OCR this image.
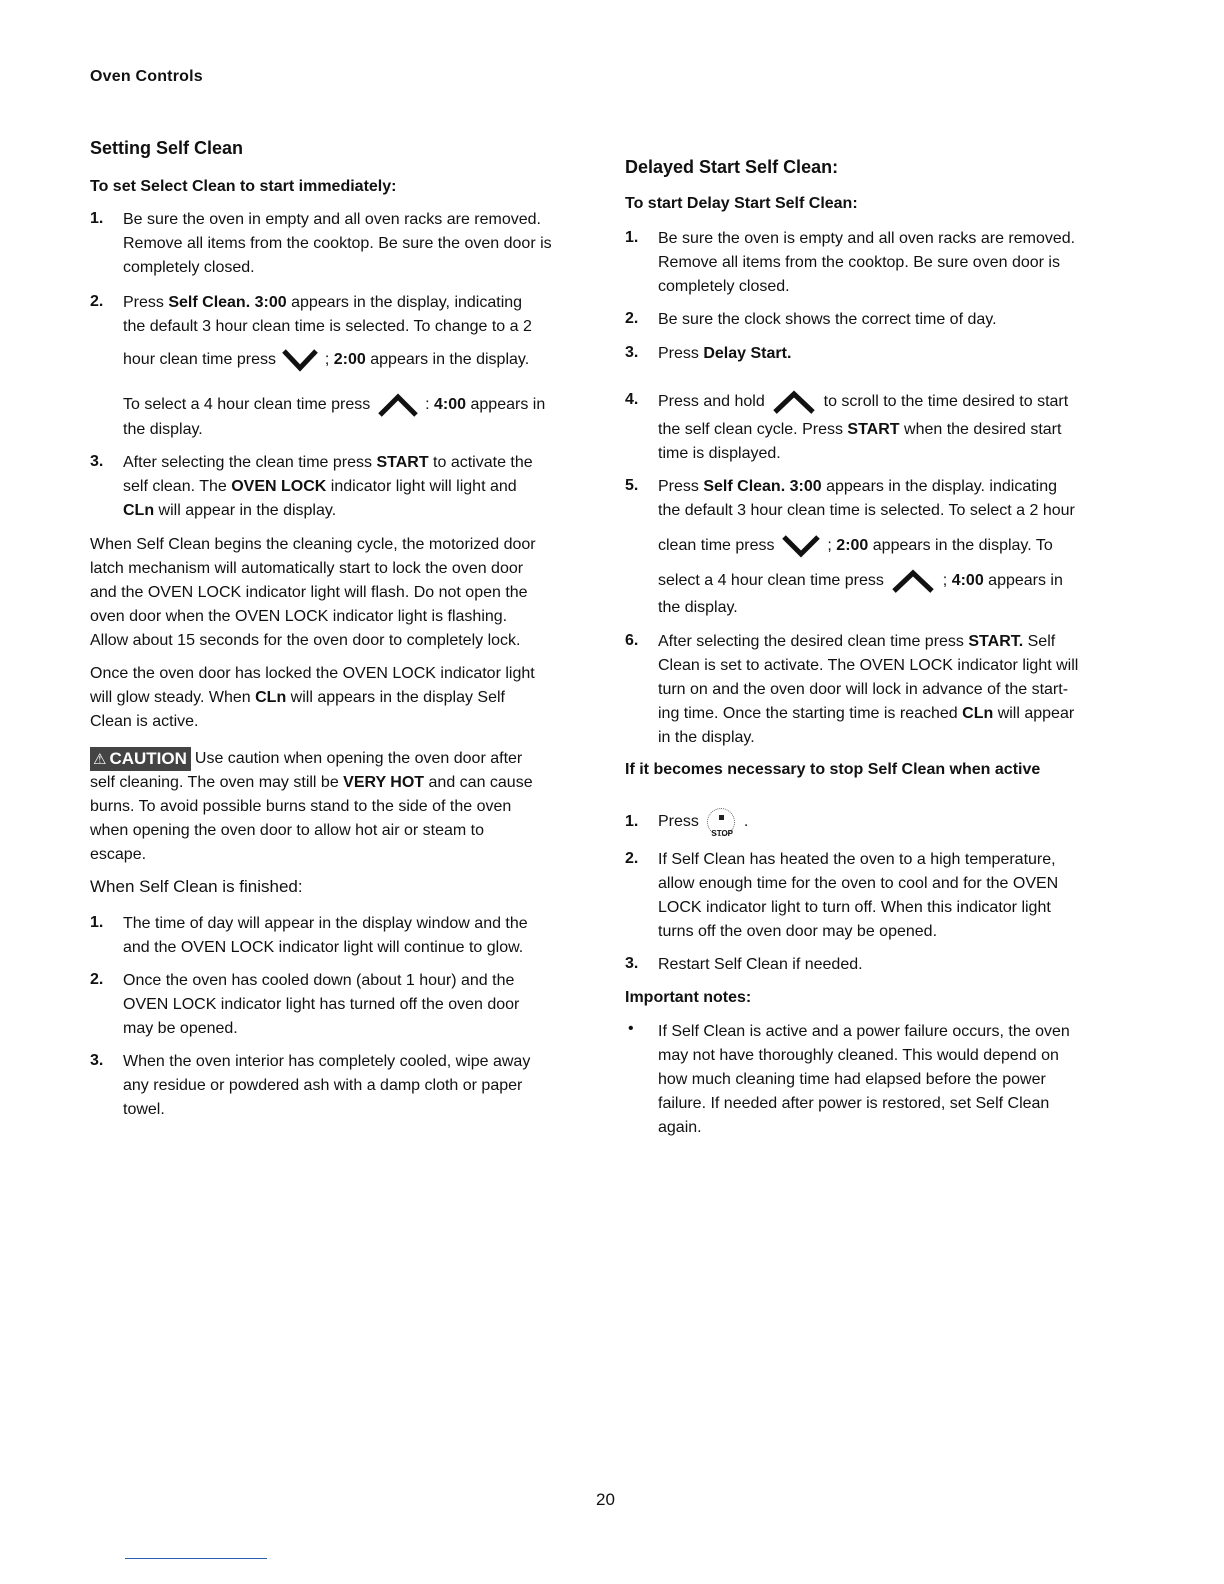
Oven Controls
Setting Self Clean
To set Select Clean to start immediately:
1. Be sure the oven in empty and all oven racks are removed.
Remove all items from the cooktop. Be sure the oven door is
completely closed.
2. Press Self Clean. 3:00 appears in the display, indicating
the default 3 hour clean time is selected. To change to a 2
hour clean time press	; 2:00 appears in the display.
To select a 4 hour clean time press	: 4:00 appears in
the display.
3. After selecting the clean time press START to activate the
self clean. The OVEN LOCK indicator light will light and
CLn will appear in the display.
When Self Clean begins the cleaning cycle, the motorized door
latch mechanism will automatically start to lock the oven door
and the OVEN LOCK indicator light will flash. Do not open the
oven door when the OVEN LOCK indicator light is flashing.
Allow about 15 seconds for the oven door to completely lock.
Once the oven door has locked the OVEN LOCK indicator light
will glow steady. When CLn will appears in the display Self
Clean is active.
⚠ CAUTION Use caution when opening the oven door after
self cleaning. The oven may still be VERY HOT and can cause
burns. To avoid possible burns stand to the side of the oven
when opening the oven door to allow hot air or steam to
escape.
When Self Clean is finished:
1. The time of day will appear in the display window and the
and the OVEN LOCK indicator light will continue to glow.
2. Once the oven has cooled down (about 1 hour) and the
OVEN LOCK indicator light has turned off the oven door
may be opened.
3. When the oven interior has completely cooled, wipe away
any residue or powdered ash with a damp cloth or paper
towel.
Delayed Start Self Clean:
To start Delay Start Self Clean:
1. Be sure the oven is empty and all oven racks are removed.
Remove all items from the cooktop. Be sure oven door is
completely closed.
2. Be sure the clock shows the correct time of day.
3. Press Delay Start.
4. Press and hold	to scroll to the time desired to start
the self clean cycle. Press START when the desired start
time is displayed.
5. Press Self Clean. 3:00 appears in the display. indicating
the default 3 hour clean time is selected. To select a 2 hour
clean time press	; 2:00 appears in the display. To
select a 4 hour clean time press	; 4:00 appears in
the display.
6. After selecting the desired clean time press START. Self
Clean is set to activate. The OVEN LOCK indicator light will
turn on and the oven door will lock in advance of the start-
ing time. Once the starting time is reached CLn will appear
in the display.
If it becomes necessary to stop Self Clean when active
1. Press
STOP
.
2. If Self Clean has heated the oven to a high temperature,
allow enough time for the oven to cool and for the OVEN
LOCK indicator light to turn off. When this indicator light
turns off the oven door may be opened.
3. Restart Self Clean if needed.
Important notes:
• If Self Clean is active and a power failure occurs, the oven
may not have thoroughly cleaned. This would depend on
how much cleaning time had elapsed before the power
failure. If needed after power is restored, set Self Clean
again.
20
